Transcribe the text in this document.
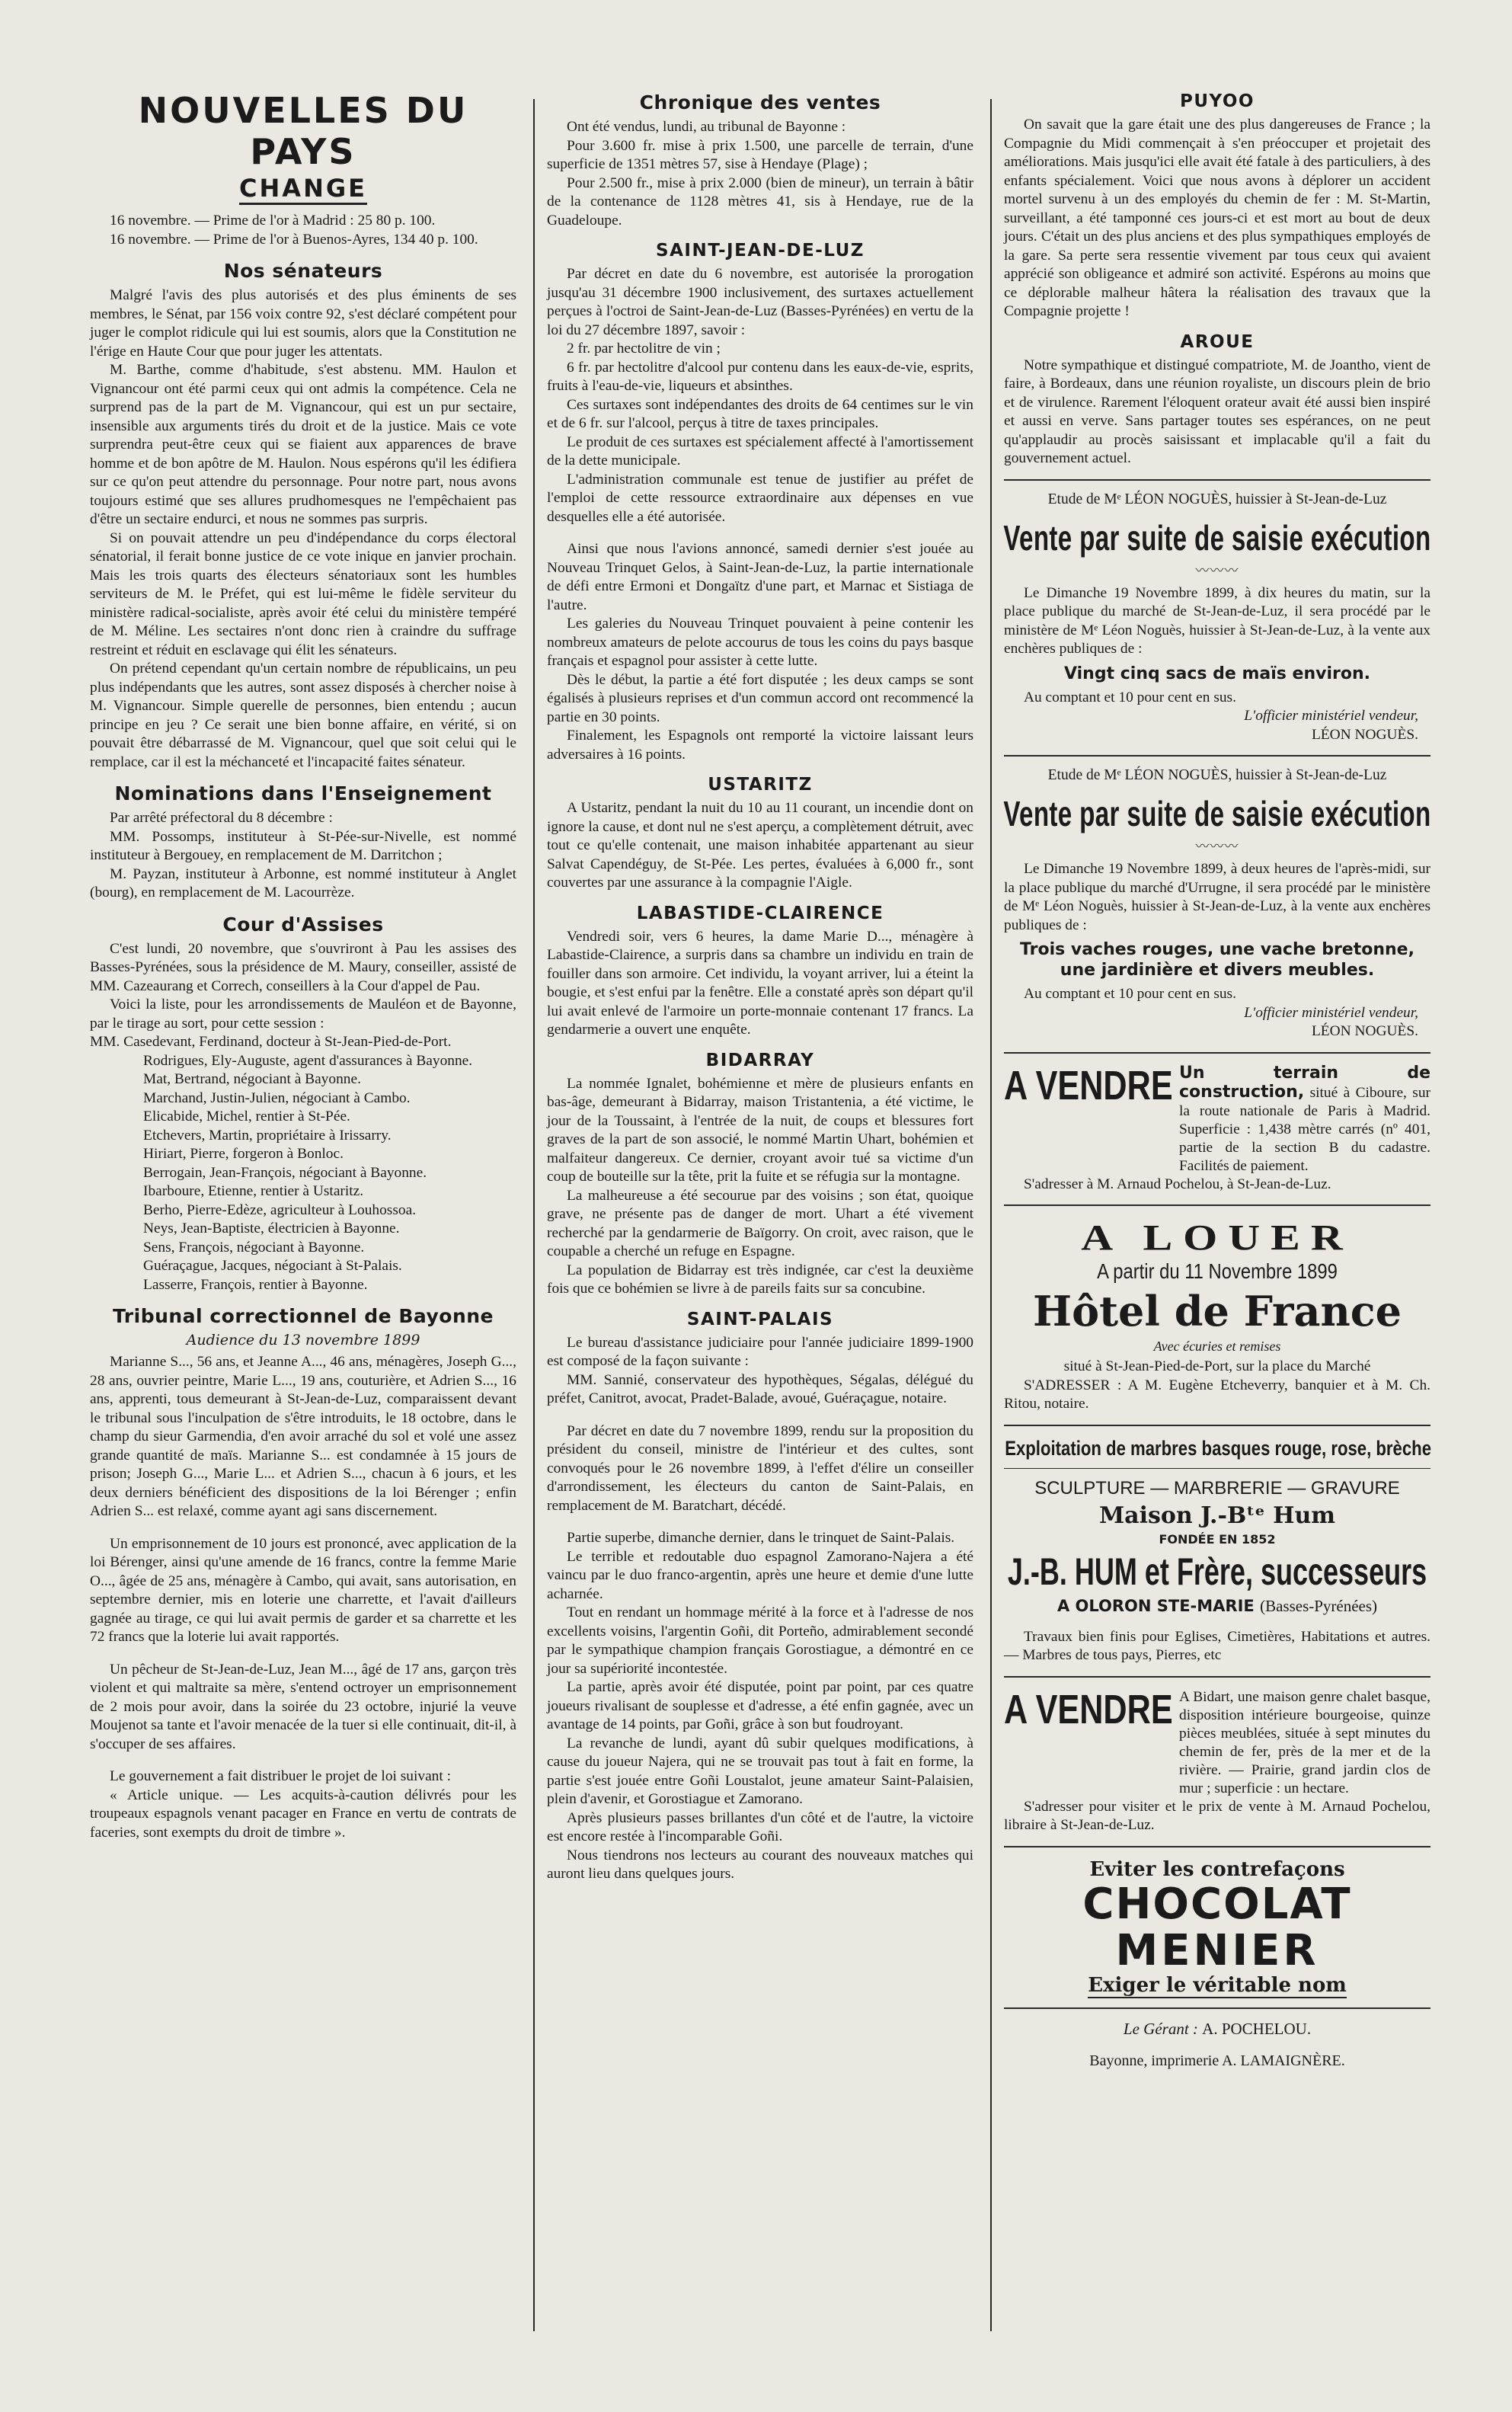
NOUVELLES DU PAYS
CHANGE

16 novembre. — Prime de l'or à Madrid : 25 80 p. 100.

16 novembre. — Prime de l'or à Buenos-Ayres, 134 40 p. 100.

Nos sénateurs

Malgré l'avis des plus autorisés et des plus éminents de ses membres, le Sénat, par 156 voix contre 92, s'est déclaré compétent pour juger le complot ridicule qui lui est soumis, alors que la Constitution ne l'érige en Haute Cour que pour juger les attentats.

M. Barthe, comme d'habitude, s'est abstenu. MM. Haulon et Vignancour ont été parmi ceux qui ont admis la compétence. Cela ne surprend pas de la part de M. Vignancour, qui est un pur sectaire, insensible aux arguments tirés du droit et de la justice. Mais ce vote surprendra peut-être ceux qui se fiaient aux apparences de brave homme et de bon apôtre de M. Haulon. Nous espérons qu'il les édifiera sur ce qu'on peut attendre du personnage. Pour notre part, nous avons toujours estimé que ses allures prudhomesques ne l'empêchaient pas d'être un sectaire endurci, et nous ne sommes pas surpris.

Si on pouvait attendre un peu d'indépendance du corps électoral sénatorial, il ferait bonne justice de ce vote inique en janvier prochain. Mais les trois quarts des électeurs sénatoriaux sont les humbles serviteurs de M. le Préfet, qui est lui-même le fidèle serviteur du ministère radical-socialiste, après avoir été celui du ministère tempéré de M. Méline. Les sectaires n'ont donc rien à craindre du suffrage restreint et réduit en esclavage qui élit les sénateurs.

On prétend cependant qu'un certain nombre de républicains, un peu plus indépendants que les autres, sont assez disposés à chercher noise à M. Vignancour. Simple querelle de personnes, bien entendu ; aucun principe en jeu ? Ce serait une bien bonne affaire, en vérité, si on pouvait être débarrassé de M. Vignancour, quel que soit celui qui le remplace, car il est la méchanceté et l'incapacité faites sénateur.

Nominations dans l'Enseignement

Par arrêté préfectoral du 8 décembre :

MM. Possomps, instituteur à St-Pée-sur-Nivelle, est nommé instituteur à Bergouey, en remplacement de M. Darritchon ;

M. Payzan, instituteur à Arbonne, est nommé instituteur à Anglet (bourg), en remplacement de M. Lacourrèze.

Cour d'Assises

C'est lundi, 20 novembre, que s'ouvriront à Pau les assises des Basses-Pyrénées, sous la présidence de M. Maury, conseiller, assisté de MM. Cazeaurang et Correch, conseillers à la Cour d'appel de Pau.

Voici la liste, pour les arrondissements de Mauléon et de Bayonne, par le tirage au sort, pour cette session :

MM. Casedevant, Ferdinand, docteur à St-Jean-Pied-de-Port.

Rodrigues, Ely-Auguste, agent d'assurances à Bayonne.

Mat, Bertrand, négociant à Bayonne.

Marchand, Justin-Julien, négociant à Cambo.

Elicabide, Michel, rentier à St-Pée.

Etchevers, Martin, propriétaire à Irissarry.

Hiriart, Pierre, forgeron à Bonloc.

Berrogain, Jean-François, négociant à Bayonne.

Ibarboure, Etienne, rentier à Ustaritz.

Berho, Pierre-Edèze, agriculteur à Louhossoa.

Neys, Jean-Baptiste, électricien à Bayonne.

Sens, François, négociant à Bayonne.

Guéraçague, Jacques, négociant à St-Palais.

Lasserre, François, rentier à Bayonne.

Tribunal correctionnel de Bayonne
Audience du 13 novembre 1899

Marianne S..., 56 ans, et Jeanne A..., 46 ans, ménagères, Joseph G..., 28 ans, ouvrier peintre, Marie L..., 19 ans, couturière, et Adrien S..., 16 ans, apprenti, tous demeurant à St-Jean-de-Luz, comparaissent devant le tribunal sous l'inculpation de s'être introduits, le 18 octobre, dans le champ du sieur Garmendia, d'en avoir arraché du sol et volé une assez grande quantité de maïs. Marianne S... est condamnée à 15 jours de prison; Joseph G..., Marie L... et Adrien S..., chacun à 6 jours, et les deux derniers bénéficient des dispositions de la loi Bérenger ; enfin Adrien S... est relaxé, comme ayant agi sans discernement.

Un emprisonnement de 10 jours est prononcé, avec application de la loi Bérenger, ainsi qu'une amende de 16 francs, contre la femme Marie O..., âgée de 25 ans, ménagère à Cambo, qui avait, sans autorisation, en septembre dernier, mis en loterie une charrette, et l'avait d'ailleurs gagnée au tirage, ce qui lui avait permis de garder et sa charrette et les 72 francs que la loterie lui avait rapportés.

Un pêcheur de St-Jean-de-Luz, Jean M..., âgé de 17 ans, garçon très violent et qui maltraite sa mère, s'entend octroyer un emprisonnement de 2 mois pour avoir, dans la soirée du 23 octobre, injurié la veuve Moujenot sa tante et l'avoir menacée de la tuer si elle continuait, dit-il, à s'occuper de ses affaires.

Le gouvernement a fait distribuer le projet de loi suivant :

« Article unique. — Les acquits-à-caution délivrés pour les troupeaux espagnols venant pacager en France en vertu de contrats de faceries, sont exempts du droit de timbre ».

Chronique des ventes

Ont été vendus, lundi, au tribunal de Bayonne :

Pour 3.600 fr. mise à prix 1.500, une parcelle de terrain, d'une superficie de 1351 mètres 57, sise à Hendaye (Plage) ;

Pour 2.500 fr., mise à prix 2.000 (bien de mineur), un terrain à bâtir de la contenance de 1128 mètres 41, sis à Hendaye, rue de la Guadeloupe.

SAINT-JEAN-DE-LUZ

Par décret en date du 6 novembre, est autorisée la prorogation jusqu'au 31 décembre 1900 inclusivement, des surtaxes actuellement perçues à l'octroi de Saint-Jean-de-Luz (Basses-Pyrénées) en vertu de la loi du 27 décembre 1897, savoir :

2 fr. par hectolitre de vin ;

6 fr. par hectolitre d'alcool pur contenu dans les eaux-de-vie, esprits, fruits à l'eau-de-vie, liqueurs et absinthes.

Ces surtaxes sont indépendantes des droits de 64 centimes sur le vin et de 6 fr. sur l'alcool, perçus à titre de taxes principales.

Le produit de ces surtaxes est spécialement affecté à l'amortissement de la dette municipale.

L'administration communale est tenue de justifier au préfet de l'emploi de cette ressource extraordinaire aux dépenses en vue desquelles elle a été autorisée.

Ainsi que nous l'avions annoncé, samedi dernier s'est jouée au Nouveau Trinquet Gelos, à Saint-Jean-de-Luz, la partie internationale de défi entre Ermoni et Dongaïtz d'une part, et Marnac et Sistiaga de l'autre.

Les galeries du Nouveau Trinquet pouvaient à peine contenir les nombreux amateurs de pelote accourus de tous les coins du pays basque français et espagnol pour assister à cette lutte.

Dès le début, la partie a été fort disputée ; les deux camps se sont égalisés à plusieurs reprises et d'un commun accord ont recommencé la partie en 30 points.

Finalement, les Espagnols ont remporté la victoire laissant leurs adversaires à 16 points.

USTARITZ

A Ustaritz, pendant la nuit du 10 au 11 courant, un incendie dont on ignore la cause, et dont nul ne s'est aperçu, a complètement détruit, avec tout ce qu'elle contenait, une maison inhabitée appartenant au sieur Salvat Capendéguy, de St-Pée. Les pertes, évaluées à 6,000 fr., sont couvertes par une assurance à la compagnie l'Aigle.

LABASTIDE-CLAIRENCE

Vendredi soir, vers 6 heures, la dame Marie D..., ménagère à Labastide-Clairence, a surpris dans sa chambre un individu en train de fouiller dans son armoire. Cet individu, la voyant arriver, lui a éteint la bougie, et s'est enfui par la fenêtre. Elle a constaté après son départ qu'il lui avait enlevé de l'armoire un porte-monnaie contenant 17 francs. La gendarmerie a ouvert une enquête.

BIDARRAY

La nommée Ignalet, bohémienne et mère de plusieurs enfants en bas-âge, demeurant à Bidarray, maison Tristantenia, a été victime, le jour de la Toussaint, à l'entrée de la nuit, de coups et blessures fort graves de la part de son associé, le nommé Martin Uhart, bohémien et malfaiteur dangereux. Ce dernier, croyant avoir tué sa victime d'un coup de bouteille sur la tête, prit la fuite et se réfugia sur la montagne.

La malheureuse a été secourue par des voisins ; son état, quoique grave, ne présente pas de danger de mort. Uhart a été vivement recherché par la gendarmerie de Baïgorry. On croit, avec raison, que le coupable a cherché un refuge en Espagne.

La population de Bidarray est très indignée, car c'est la deuxième fois que ce bohémien se livre à de pareils faits sur sa concubine.

SAINT-PALAIS

Le bureau d'assistance judiciaire pour l'année judiciaire 1899-1900 est composé de la façon suivante :

MM. Sannié, conservateur des hypothèques, Ségalas, délégué du préfet, Canitrot, avocat, Pradet-Balade, avoué, Guéraçague, notaire.

Par décret en date du 7 novembre 1899, rendu sur la proposition du président du conseil, ministre de l'intérieur et des cultes, sont convoqués pour le 26 novembre 1899, à l'effet d'élire un conseiller d'arrondissement, les électeurs du canton de Saint-Palais, en remplacement de M. Baratchart, décédé.

Partie superbe, dimanche dernier, dans le trinquet de Saint-Palais.

Le terrible et redoutable duo espagnol Zamorano-Najera a été vaincu par le duo franco-argentin, après une heure et demie d'une lutte acharnée.

Tout en rendant un hommage mérité à la force et à l'adresse de nos excellents voisins, l'argentin Goñi, dit Porteño, admirablement secondé par le sympathique champion français Gorostiague, a démontré en ce jour sa supériorité incontestée.

La partie, après avoir été disputée, point par point, par ces quatre joueurs rivalisant de souplesse et d'adresse, a été enfin gagnée, avec un avantage de 14 points, par Goñi, grâce à son but foudroyant.

La revanche de lundi, ayant dû subir quelques modifications, à cause du joueur Najera, qui ne se trouvait pas tout à fait en forme, la partie s'est jouée entre Goñi Loustalot, jeune amateur Saint-Palaisien, plein d'avenir, et Gorostiague et Zamorano.

Après plusieurs passes brillantes d'un côté et de l'autre, la victoire est encore restée à l'incomparable Goñi.

Nous tiendrons nos lecteurs au courant des nouveaux matches qui auront lieu dans quelques jours.

PUYOO

On savait que la gare était une des plus dangereuses de France ; la Compagnie du Midi commençait à s'en préoccuper et projetait des améliorations. Mais jusqu'ici elle avait été fatale à des particuliers, à des enfants spécialement. Voici que nous avons à déplorer un accident mortel survenu à un des employés du chemin de fer : M. St-Martin, surveillant, a été tamponné ces jours-ci et est mort au bout de deux jours. C'était un des plus anciens et des plus sympathiques employés de la gare. Sa perte sera ressentie vivement par tous ceux qui avaient apprécié son obligeance et admiré son activité. Espérons au moins que ce déplorable malheur hâtera la réalisation des travaux que la Compagnie projette !

AROUE

Notre sympathique et distingué compatriote, M. de Joantho, vient de faire, à Bordeaux, dans une réunion royaliste, un discours plein de brio et de virulence. Rarement l'éloquent orateur avait été aussi bien inspiré et aussi en verve. Sans partager toutes ses espérances, on ne peut qu'applaudir au procès saisissant et implacable qu'il a fait du gouvernement actuel.

Etude de Mᵉ LÉON NOGUÈS, huissier à St-Jean-de-Luz
Vente par suite de saisie exécution
〰〰〰

Le Dimanche 19 Novembre 1899, à dix heures du matin, sur la place publique du marché de St-Jean-de-Luz, il sera procédé par le ministère de Mᵉ Léon Noguès, huissier à St-Jean-de-Luz, à la vente aux enchères publiques de :

Vingt cinq sacs de maïs environ.

Au comptant et 10 pour cent en sus.

L'officier ministériel vendeur,

LÉON NOGUÈS.

Etude de Mᵉ LÉON NOGUÈS, huissier à St-Jean-de-Luz
Vente par suite de saisie exécution
〰〰〰

Le Dimanche 19 Novembre 1899, à deux heures de l'après-midi, sur la place publique du marché d'Urrugne, il sera procédé par le ministère de Mᵉ Léon Noguès, huissier à St-Jean-de-Luz, à la vente aux enchères publiques de :

Trois vaches rouges, une vache bretonne, une jardinière et divers meubles.

Au comptant et 10 pour cent en sus.

L'officier ministériel vendeur,

LÉON NOGUÈS.

A VENDRE Un terrain de construction, situé à Ciboure, sur la route nationale de Paris à Madrid. Superficie : 1,438 mètre carrés (nº 401, partie de la section B du cadastre. Facilités de paiement.

S'adresser à M. Arnaud Pochelou, à St-Jean-de-Luz.

A LOUER
A partir du 11 Novembre 1899
Hôtel de France
Avec écuries et remises

situé à St-Jean-Pied-de-Port, sur la place du Marché

S'ADRESSER : A M. Eugène Etcheverry, banquier et à M. Ch. Ritou, notaire.

Exploitation de marbres basques rouge, rose, brèche
SCULPTURE — MARBRERIE — GRAVURE
Maison J.-Bᵗᵉ Hum
FONDÉE EN 1852
J.-B. HUM et Frère, successeurs
A OLORON STE-MARIE (Basses-Pyrénées)

Travaux bien finis pour Eglises, Cimetières, Habitations et autres. — Marbres de tous pays, Pierres, etc

A VENDRE A Bidart, une maison genre chalet basque, disposition intérieure bourgeoise, quinze pièces meublées, située à sept minutes du chemin de fer, près de la mer et de la rivière. — Prairie, grand jardin clos de mur ; superficie : un hectare.

S'adresser pour visiter et le prix de vente à M. Arnaud Pochelou, libraire à St-Jean-de-Luz.

Eviter les contrefaçons
CHOCOLAT
MENIER
Exiger le véritable nom
Le Gérant : A. POCHELOU.
Bayonne, imprimerie A. LAMAIGNÈRE.
